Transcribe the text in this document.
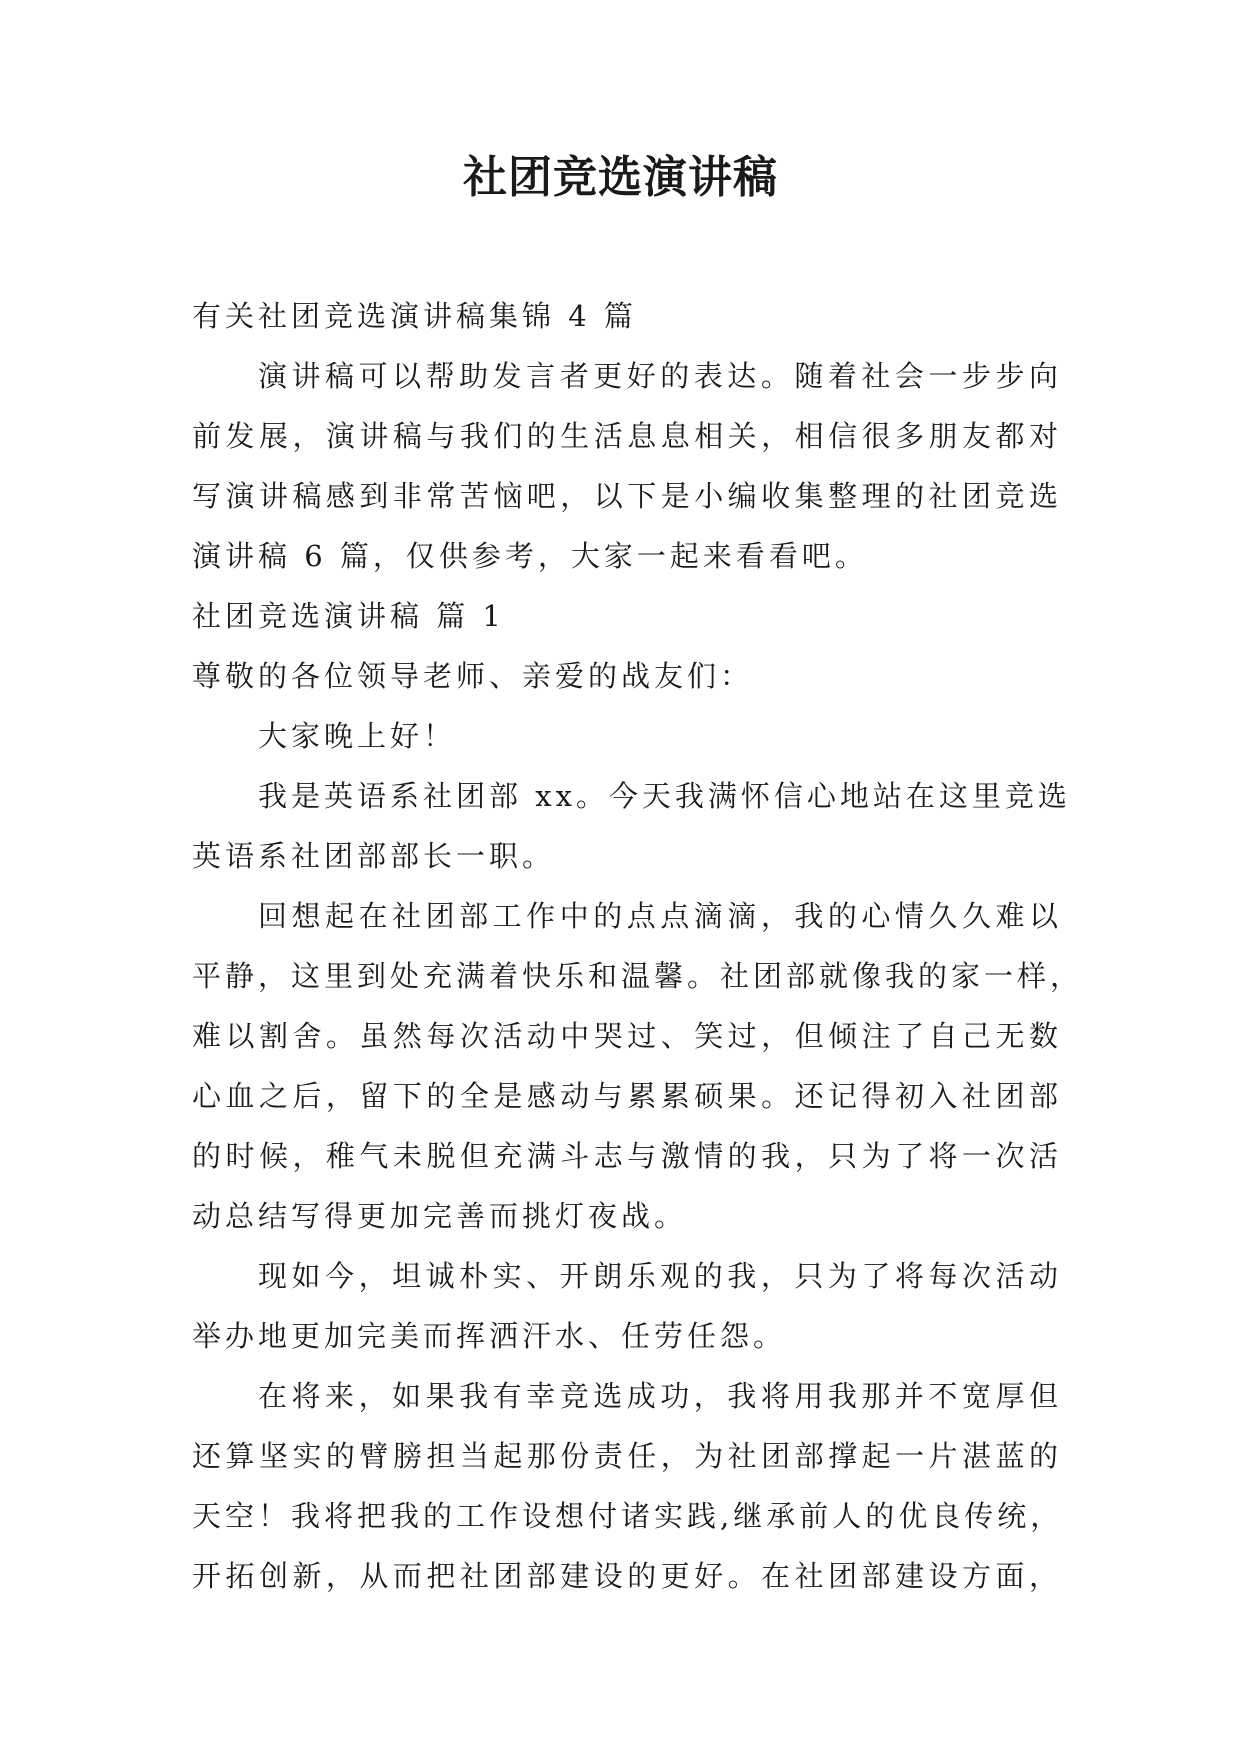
社团竞选演讲稿
有关社团竞选演讲稿集锦 4 篇
演讲稿可以帮助发言者更好的表达。随着社会一步步向
前发展，演讲稿与我们的生活息息相关，相信很多朋友都对
写演讲稿感到非常苦恼吧，以下是小编收集整理的社团竞选
演讲稿 6 篇，仅供参考，大家一起来看看吧。
社团竞选演讲稿 篇 1
尊敬的各位领导老师、亲爱的战友们：
大家晚上好！
我是英语系社团部 xx。今天我满怀信心地站在这里竞选
英语系社团部部长一职。
回想起在社团部工作中的点点滴滴，我的心情久久难以
平静，这里到处充满着快乐和温馨。社团部就像我的家一样，
难以割舍。虽然每次活动中哭过、笑过，但倾注了自己无数
心血之后，留下的全是感动与累累硕果。还记得初入社团部
的时候，稚气未脱但充满斗志与激情的我，只为了将一次活
动总结写得更加完善而挑灯夜战。
现如今，坦诚朴实、开朗乐观的我，只为了将每次活动
举办地更加完美而挥洒汗水、任劳任怨。
在将来，如果我有幸竞选成功，我将用我那并不宽厚但
还算坚实的臂膀担当起那份责任，为社团部撑起一片湛蓝的
天空！我将把我的工作设想付诸实践,继承前人的优良传统，
开拓创新，从而把社团部建设的更好。在社团部建设方面，
